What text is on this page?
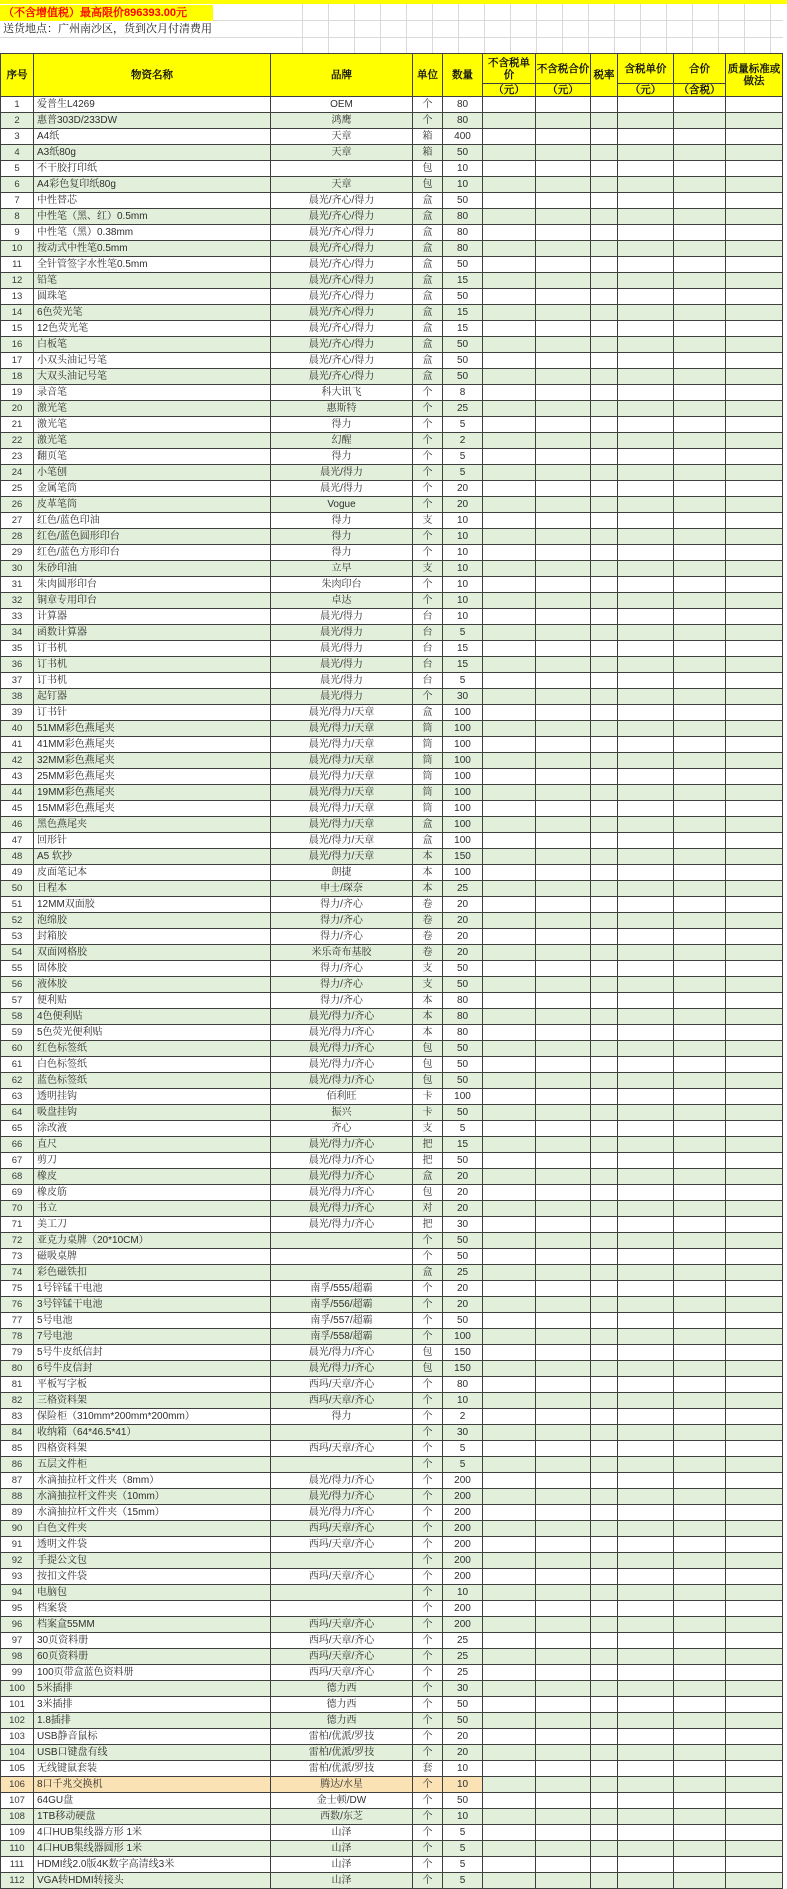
（不含增值税）最高限价896393.00元
送货地点：广州南沙区，货到次月付清费用
序号	物资名称	品牌	单位	数量	不含税单价	不含税合价	税率	含税单价	合价	质量标准或做法
					（元）	（元）		（元）	（含税）	
1	爱普生L4269	OEM	个	80						
2	惠普303D/233DW	鸿鹰	个	80						
3	A4纸	天章	箱	400						
4	A3纸80g	天章	箱	50						
5	不干胶打印纸		包	10						
6	A4彩色复印纸80g	天章	包	10						
7	中性替芯	晨光/齐心/得力	盒	50						
8	中性笔（黑、红）0.5mm	晨光/齐心/得力	盒	80						
9	中性笔（黑）0.38mm	晨光/齐心/得力	盒	80						
10	按动式中性笔0.5mm	晨光/齐心/得力	盒	80						
11	全针管签字水性笔0.5mm	晨光/齐心/得力	盒	50						
12	铅笔	晨光/齐心/得力	盒	15						
13	圆珠笔	晨光/齐心/得力	盒	50						
14	6色荧光笔	晨光/齐心/得力	盒	15						
15	12色荧光笔	晨光/齐心/得力	盒	15						
16	白板笔	晨光/齐心/得力	盒	50						
17	小双头油记号笔	晨光/齐心/得力	盒	50						
18	大双头油记号笔	晨光/齐心/得力	盒	50						
19	录音笔	科大讯飞	个	8						
20	激光笔	惠斯特	个	25						
21	激光笔	得力	个	5						
22	激光笔	幻醒	个	2						
23	翻页笔	得力	个	5						
24	小笔刨	晨光/得力	个	5						
25	金属笔筒	晨光/得力	个	20						
26	皮革笔筒	Vogue	个	20						
27	红色/蓝色印油	得力	支	10						
28	红色/蓝色圆形印台	得力	个	10						
29	红色/蓝色方形印台	得力	个	10						
30	朱砂印油	立早	支	10						
31	朱肉圆形印台	朱肉印台	个	10						
32	铜章专用印台	卓达	个	10						
33	计算器	晨光/得力	台	10						
34	函数计算器	晨光/得力	台	5						
35	订书机	晨光/得力	台	15						
36	订书机	晨光/得力	台	15						
37	订书机	晨光/得力	台	5						
38	起钉器	晨光/得力	个	30						
39	订书针	晨光/得力/天章	盒	100						
40	51MM彩色燕尾夹	晨光/得力/天章	筒	100						
41	41MM彩色燕尾夹	晨光/得力/天章	筒	100						
42	32MM彩色燕尾夹	晨光/得力/天章	筒	100						
43	25MM彩色燕尾夹	晨光/得力/天章	筒	100						
44	19MM彩色燕尾夹	晨光/得力/天章	筒	100						
45	15MM彩色燕尾夹	晨光/得力/天章	筒	100						
46	黑色燕尾夹	晨光/得力/天章	盒	100						
47	回形针	晨光/得力/天章	盒	100						
48	A5 软抄	晨光/得力/天章	本	150						
49	皮面笔记本	朗捷	本	100						
50	日程本	申士/琛奈	本	25						
51	12MM双面胶	得力/齐心	卷	20						
52	泡绵胶	得力/齐心	卷	20						
53	封箱胶	得力/齐心	卷	20						
54	双面网格胶	米乐奇布基胶	卷	20						
55	固体胶	得力/齐心	支	50						
56	液体胶	得力/齐心	支	50						
57	便利贴	得力/齐心	本	80						
58	4色便利贴	晨光/得力/齐心	本	80						
59	5色荧光便利贴	晨光/得力/齐心	本	80						
60	红色标签纸	晨光/得力/齐心	包	50						
61	白色标签纸	晨光/得力/齐心	包	50						
62	蓝色标签纸	晨光/得力/齐心	包	50						
63	透明挂钩	佰利旺	卡	100						
64	吸盘挂钩	振兴	卡	50						
65	涂改液	齐心	支	5						
66	直尺	晨光/得力/齐心	把	15						
67	剪刀	晨光/得力/齐心	把	50						
68	橡皮	晨光/得力/齐心	盒	20						
69	橡皮筋	晨光/得力/齐心	包	20						
70	书立	晨光/得力/齐心	对	20						
71	美工刀	晨光/得力/齐心	把	30						
72	亚克力桌牌（20*10CM）		个	50						
73	磁吸桌牌		个	50						
74	彩色磁铁扣		盒	25						
75	1号锌锰干电池	南孚/555/超霸	个	20						
76	3号锌锰干电池	南孚/556/超霸	个	20						
77	5号电池	南孚/557/超霸	个	50						
78	7号电池	南孚/558/超霸	个	100						
79	5号牛皮纸信封	晨光/得力/齐心	包	150						
80	6号牛皮信封	晨光/得力/齐心	包	150						
81	平板写字板	西玛/天章/齐心	个	80						
82	三格资料架	西玛/天章/齐心	个	10						
83	保险柜（310mm*200mm*200mm）	得力	个	2						
84	收纳箱（64*46.5*41）		个	30						
85	四格资料架	西玛/天章/齐心	个	5						
86	五层文件柜		个	5						
87	水滴抽拉杆文件夹（8mm）	晨光/得力/齐心	个	200						
88	水滴抽拉杆文件夹（10mm）	晨光/得力/齐心	个	200						
89	水滴抽拉杆文件夹（15mm）	晨光/得力/齐心	个	200						
90	白色文件夹	西玛/天章/齐心	个	200						
91	透明文件袋	西玛/天章/齐心	个	200						
92	手提公文包		个	200						
93	按扣文件袋	西玛/天章/齐心	个	200						
94	电脑包		个	10						
95	档案袋		个	200						
96	档案盒55MM	西玛/天章/齐心	个	200						
97	30页资料册	西玛/天章/齐心	个	25						
98	60页资料册	西玛/天章/齐心	个	25						
99	100页带盒蓝色资料册	西玛/天章/齐心	个	25						
100	5米插排	德力西	个	30						
101	3米插排	德力西	个	50						
102	1.8插排	德力西	个	50						
103	USB静音鼠标	雷柏/优派/罗技	个	20						
104	USB口键盘有线	雷柏/优派/罗技	个	20						
105	无线键鼠套装	雷柏/优派/罗技	套	10						
106	8口千兆交换机	腾达/水星	个	10						
107	64GU盘	金士顿/DW	个	50						
108	1TB移动硬盘	西数/东芝	个	10						
109	4口HUB集线器方形 1米	山泽	个	5						
110	4口HUB集线器圆形 1米	山泽	个	5						
111	HDMI线2.0版4K数字高清线3米	山泽	个	5						
112	VGA转HDMI转接头	山泽	个	5						
